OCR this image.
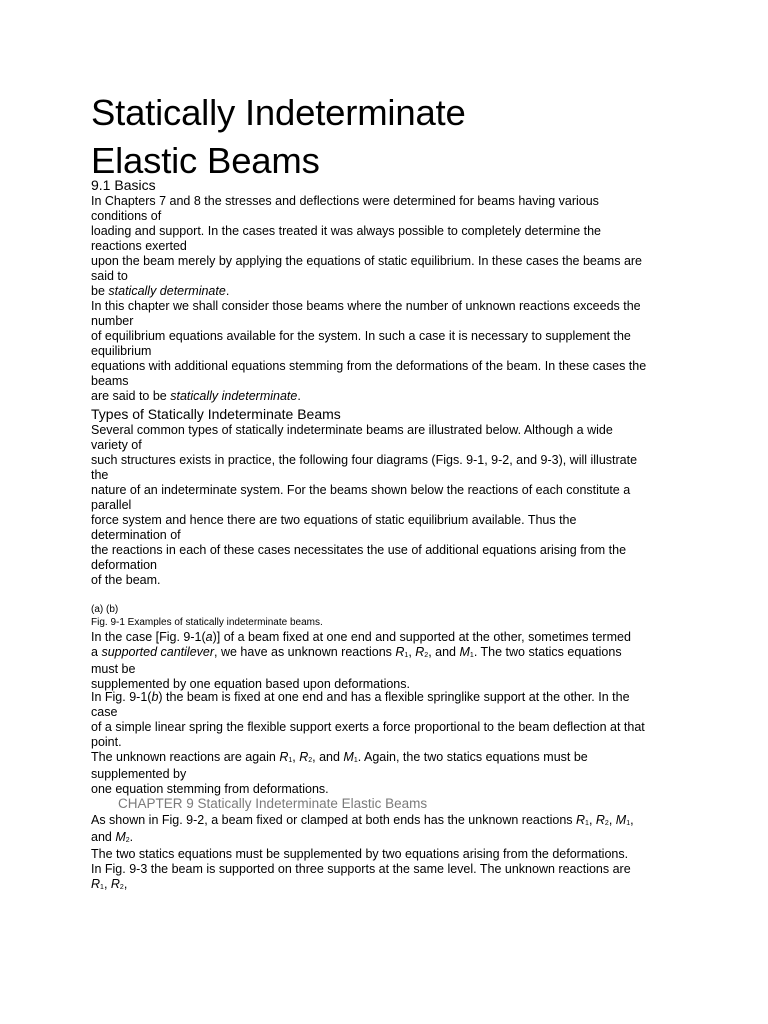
Statically Indeterminate
Elastic Beams
9.1 Basics
In Chapters 7 and 8 the stresses and deflections were determined for beams having various
conditions of
loading and support. In the cases treated it was always possible to completely determine the
reactions exerted
upon the beam merely by applying the equations of static equilibrium. In these cases the beams are
said to
be statically determinate.
In this chapter we shall consider those beams where the number of unknown reactions exceeds the
number
of equilibrium equations available for the system. In such a case it is necessary to supplement the
equilibrium
equations with additional equations stemming from the deformations of the beam. In these cases the
beams
are said to be statically indeterminate.
Types of Statically Indeterminate Beams
Several common types of statically indeterminate beams are illustrated below. Although a wide
variety of
such structures exists in practice, the following four diagrams (Figs. 9-1, 9-2, and 9-3), will illustrate
the
nature of an indeterminate system. For the beams shown below the reactions of each constitute a
parallel
force system and hence there are two equations of static equilibrium available. Thus the
determination of
the reactions in each of these cases necessitates the use of additional equations arising from the
deformation
of the beam.
(a) (b)
Fig. 9-1 Examples of statically indeterminate beams.
In the case [Fig. 9-1(a)] of a beam fixed at one end and supported at the other, sometimes termed
a supported cantilever, we have as unknown reactions $R_1$, $R_2$, and $M_1$. The two statics equations
must be
supplemented by one equation based upon deformations.
In Fig. 9-1(b) the beam is fixed at one end and has a flexible springlike support at the other. In the
case
of a simple linear spring the flexible support exerts a force proportional to the beam deflection at that
point.
The unknown reactions are again $R_1$, $R_2$, and $M_1$. Again, the two statics equations must be
supplemented by
one equation stemming from deformations.
CHAPTER 9 Statically Indeterminate Elastic Beams
As shown in Fig. 9-2, a beam fixed or clamped at both ends has the unknown reactions $R_1$, $R_2$, $M_1$,
and $M_2$.
The two statics equations must be supplemented by two equations arising from the deformations.
In Fig. 9-3 the beam is supported on three supports at the same level. The unknown reactions are
$R_1$, $R_2$,
